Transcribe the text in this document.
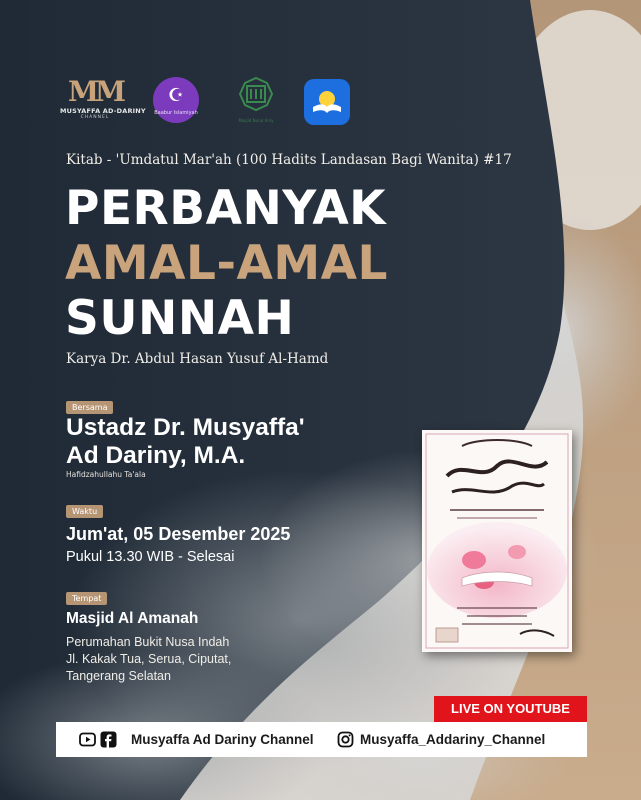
MM
MUSYAFFA AD-DARINY
CHANNEL
☪
Baabur Islamiyah
Masjid Nurul Arsy
Kitab - 'Umdatul Mar'ah (100 Hadits Landasan Bagi Wanita) #17
PERBANYAK
AMAL-AMAL
SUNNAH
Karya Dr. Abdul Hasan Yusuf Al-Hamd
Bersama
Ustadz Dr. Musyaffa'
Ad Dariny, M.A.
Hafidzahullahu Ta'ala
Waktu
Jum'at, 05 Desember 2025
Pukul 13.30 WIB - Selesai
Tempat
Masjid Al Amanah
Perumahan Bukit Nusa Indah
Jl. Kakak Tua, Serua, Ciputat,
Tangerang Selatan
LIVE ON YOUTUBE
Musyaffa Ad Dariny Channel	Musyaffa_Addariny_Channel
